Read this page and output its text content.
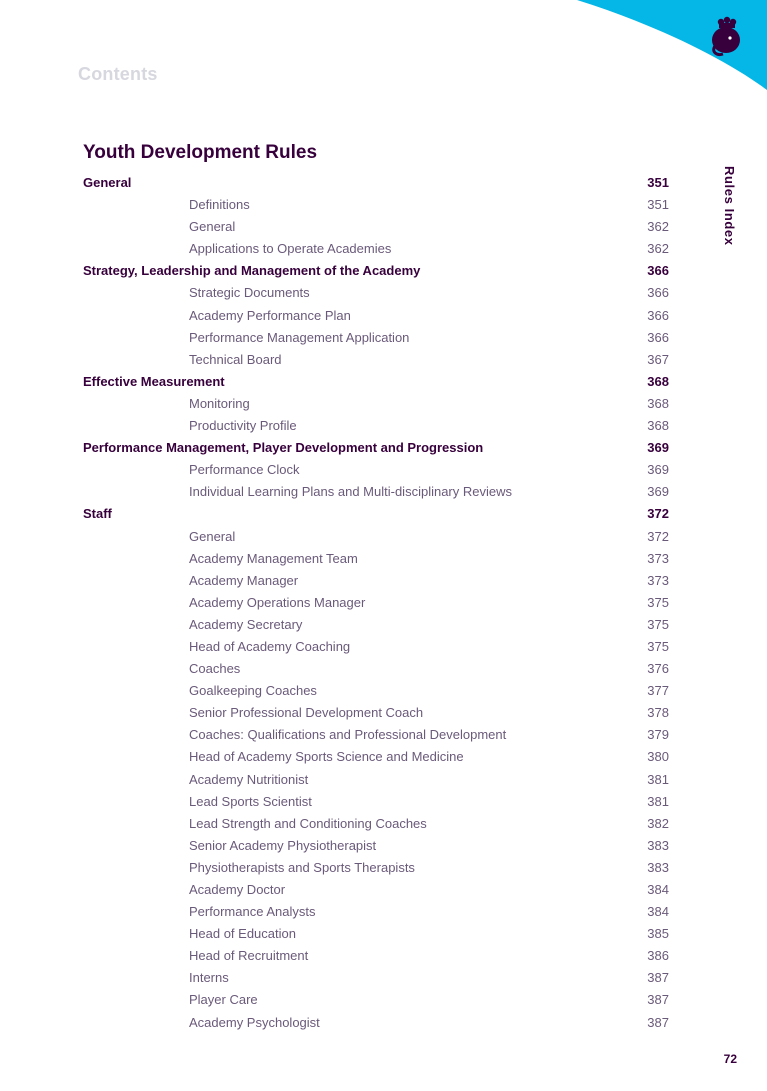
Contents
Rules Index
Youth Development Rules
General	351
Definitions	351
General	362
Applications to Operate Academies	362
Strategy, Leadership and Management of the Academy	366
Strategic Documents	366
Academy Performance Plan	366
Performance Management Application	366
Technical Board	367
Effective Measurement	368
Monitoring	368
Productivity Profile	368
Performance Management, Player Development and Progression	369
Performance Clock	369
Individual Learning Plans and Multi-disciplinary Reviews	369
Staff	372
General	372
Academy Management Team	373
Academy Manager	373
Academy Operations Manager	375
Academy Secretary	375
Head of Academy Coaching	375
Coaches	376
Goalkeeping Coaches	377
Senior Professional Development Coach	378
Coaches: Qualifications and Professional Development	379
Head of Academy Sports Science and Medicine	380
Academy Nutritionist	381
Lead Sports Scientist	381
Lead Strength and Conditioning Coaches	382
Senior Academy Physiotherapist	383
Physiotherapists and Sports Therapists	383
Academy Doctor	384
Performance Analysts	384
Head of Education	385
Head of Recruitment	386
Interns	387
Player Care	387
Academy Psychologist	387
72
